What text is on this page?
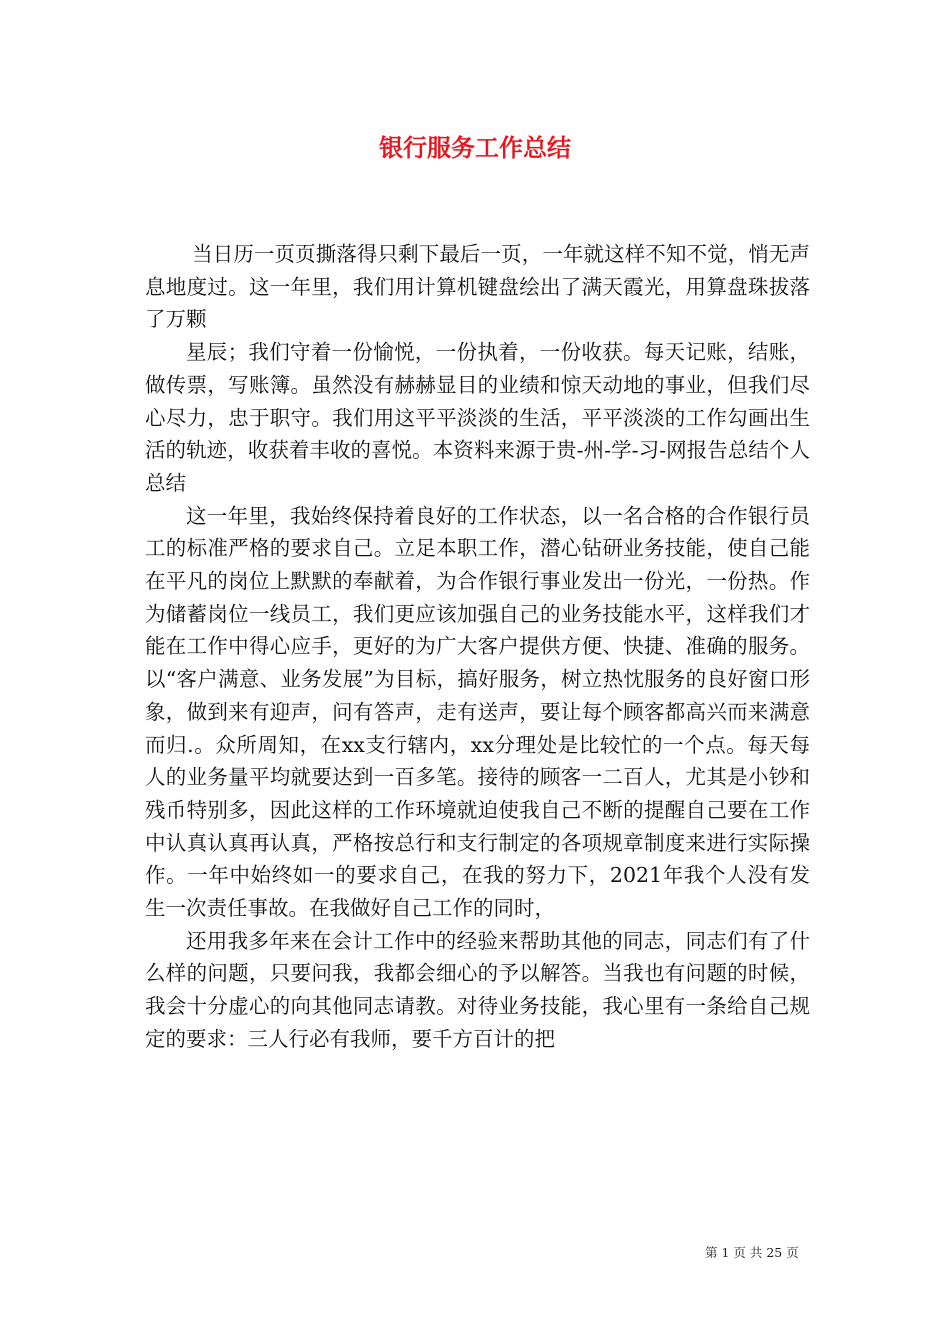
银行服务工作总结

当日历一页页撕落得只剩下最后一页，一年就这样不知不觉，悄无声息地度过。这一年里，我们用计算机键盘绘出了满天霞光，用算盘珠拔落了万颗

星辰；我们守着一份愉悦，一份执着，一份收获。每天记账，结账，做传票，写账簿。虽然没有赫赫显目的业绩和惊天动地的事业，但我们尽心尽力，忠于职守。我们用这平平淡淡的生活，平平淡淡的工作勾画出生活的轨迹，收获着丰收的喜悦。本资料来源于贵-州-学-习-网报告总结个人总结

这一年里，我始终保持着良好的工作状态，以一名合格的合作银行员工的标准严格的要求自己。立足本职工作，潜心钻研业务技能，使自己能在平凡的岗位上默默的奉献着，为合作银行事业发出一份光，一份热。作为储蓄岗位一线员工，我们更应该加强自己的业务技能水平，这样我们才能在工作中得心应手，更好的为广大客户提供方便、快捷、准确的服务。以“客户满意、业务发展”为目标，搞好服务，树立热忱服务的良好窗口形象，做到来有迎声，问有答声，走有送声，要让每个顾客都高兴而来满意而归.。众所周知，在xx支行辖内，xx分理处是比较忙的一个点。每天每人的业务量平均就要达到一百多笔。接待的顾客一二百人，尤其是小钞和残币特别多，因此这样的工作环境就迫使我自己不断的提醒自己要在工作中认真认真再认真，严格按总行和支行制定的各项规章制度来进行实际操作。一年中始终如一的要求自己，在我的努力下，2021年我个人没有发生一次责任事故。在我做好自己工作的同时，

还用我多年来在会计工作中的经验来帮助其他的同志，同志们有了什么样的问题，只要问我，我都会细心的予以解答。当我也有问题的时候，我会十分虚心的向其他同志请教。对待业务技能，我心里有一条给自己规定的要求：三人行必有我师，要千方百计的把

第 1 页 共 25 页
